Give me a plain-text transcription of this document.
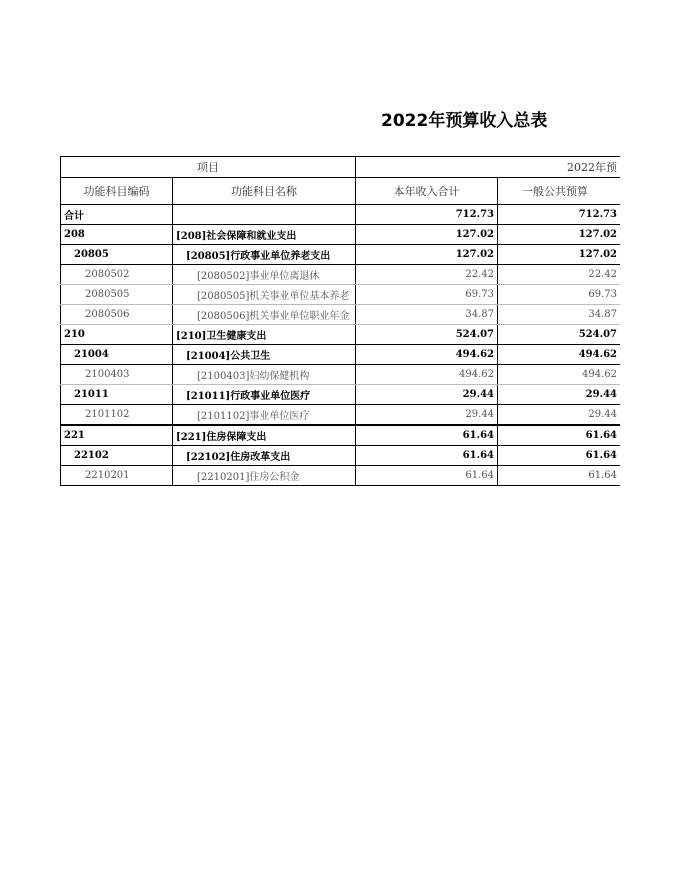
2022年预算收入总表
项目		2022年预	
功能科目编码	功能科目名称	本年收入合计	一般公共预算
合计		712.73	712.73
208	[208]社会保障和就业支出	127.02	127.02
20805	[20805]行政事业单位养老支出	127.02	127.02
2080502	[2080502]事业单位离退休	22.42	22.42
2080505	[2080505]机关事业单位基本养老	69.73	69.73
2080506	[2080506]机关事业单位职业年金	34.87	34.87
210	[210]卫生健康支出	524.07	524.07
21004	[21004]公共卫生	494.62	494.62
2100403	[2100403]妇幼保健机构	494.62	494.62
21011	[21011]行政事业单位医疗	29.44	29.44
2101102	[2101102]事业单位医疗	29.44	29.44
221	[221]住房保障支出	61.64	61.64
22102	[22102]住房改革支出	61.64	61.64
2210201	[2210201]住房公积金	61.64	61.64
